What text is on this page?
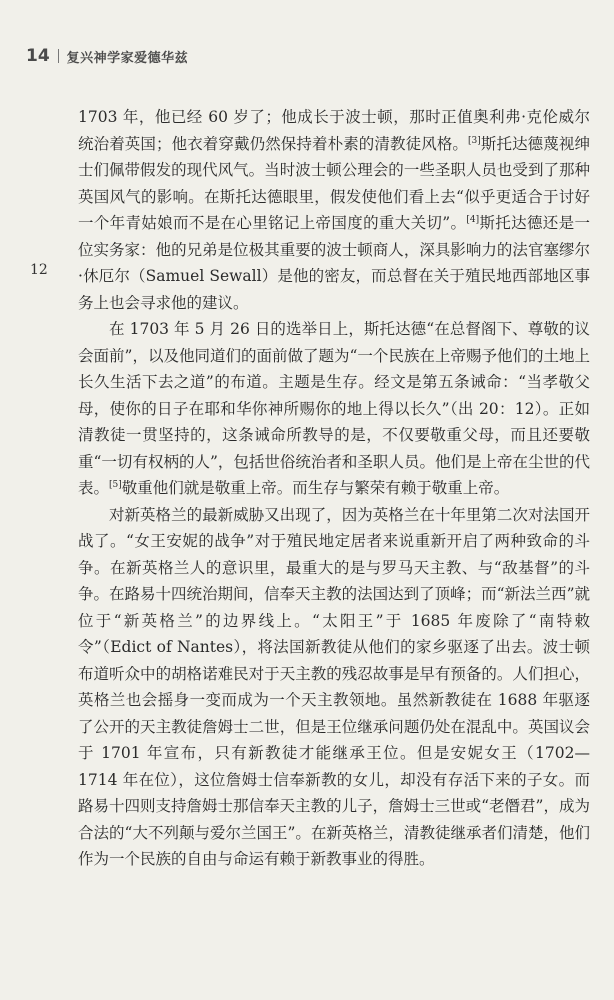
14 复兴神学家爱德华兹
12

1703 年，他已经 60 岁了；他成长于波士顿，那时正值奥利弗·克伦威尔统治着英国；他衣着穿戴仍然保持着朴素的清教徒风格。[3]斯托达德蔑视绅士们佩带假发的现代风气。当时波士顿公理会的一些圣职人员也受到了那种英国风气的影响。在斯托达德眼里，假发使他们看上去“似乎更适合于讨好一个年青姑娘而不是在心里铭记上帝国度的重大关切”。[4]斯托达德还是一位实务家：他的兄弟是位极其重要的波士顿商人，深具影响力的法官塞缪尔·休厄尔（Samuel Sewall）是他的密友，而总督在关于殖民地西部地区事务上也会寻求他的建议。

在 1703 年 5 月 26 日的选举日上，斯托达德“在总督阁下、尊敬的议会面前”，以及他同道们的面前做了题为“一个民族在上帝赐予他们的土地上长久生活下去之道”的布道。主题是生存。经文是第五条诫命：“当孝敬父母，使你的日子在耶和华你神所赐你的地上得以长久”（出 20：12）。正如清教徒一贯坚持的，这条诫命所教导的是，不仅要敬重父母，而且还要敬重“一切有权柄的人”，包括世俗统治者和圣职人员。他们是上帝在尘世的代表。[5]敬重他们就是敬重上帝。而生存与繁荣有赖于敬重上帝。

对新英格兰的最新威胁又出现了，因为英格兰在十年里第二次对法国开战了。“女王安妮的战争”对于殖民地定居者来说重新开启了两种致命的斗争。在新英格兰人的意识里，最重大的是与罗马天主教、与“敌基督”的斗争。在路易十四统治期间，信奉天主教的法国达到了顶峰；而“新法兰西”就位于“新英格兰”的边界线上。“太阳王”于 1685 年废除了“南特敕令”（Edict of Nantes），将法国新教徒从他们的家乡驱逐了出去。波士顿布道听众中的胡格诺难民对于天主教的残忍故事是早有预备的。人们担心，英格兰也会摇身一变而成为一个天主教领地。虽然新教徒在 1688 年驱逐了公开的天主教徒詹姆士二世，但是王位继承问题仍处在混乱中。英国议会于 1701 年宣布，只有新教徒才能继承王位。但是安妮女王（1702—1714 年在位），这位詹姆士信奉新教的女儿，却没有存活下来的子女。而路易十四则支持詹姆士那信奉天主教的儿子，詹姆士三世或“老僭君”，成为合法的“大不列颠与爱尔兰国王”。在新英格兰，清教徒继承者们清楚，他们作为一个民族的自由与命运有赖于新教事业的得胜。
